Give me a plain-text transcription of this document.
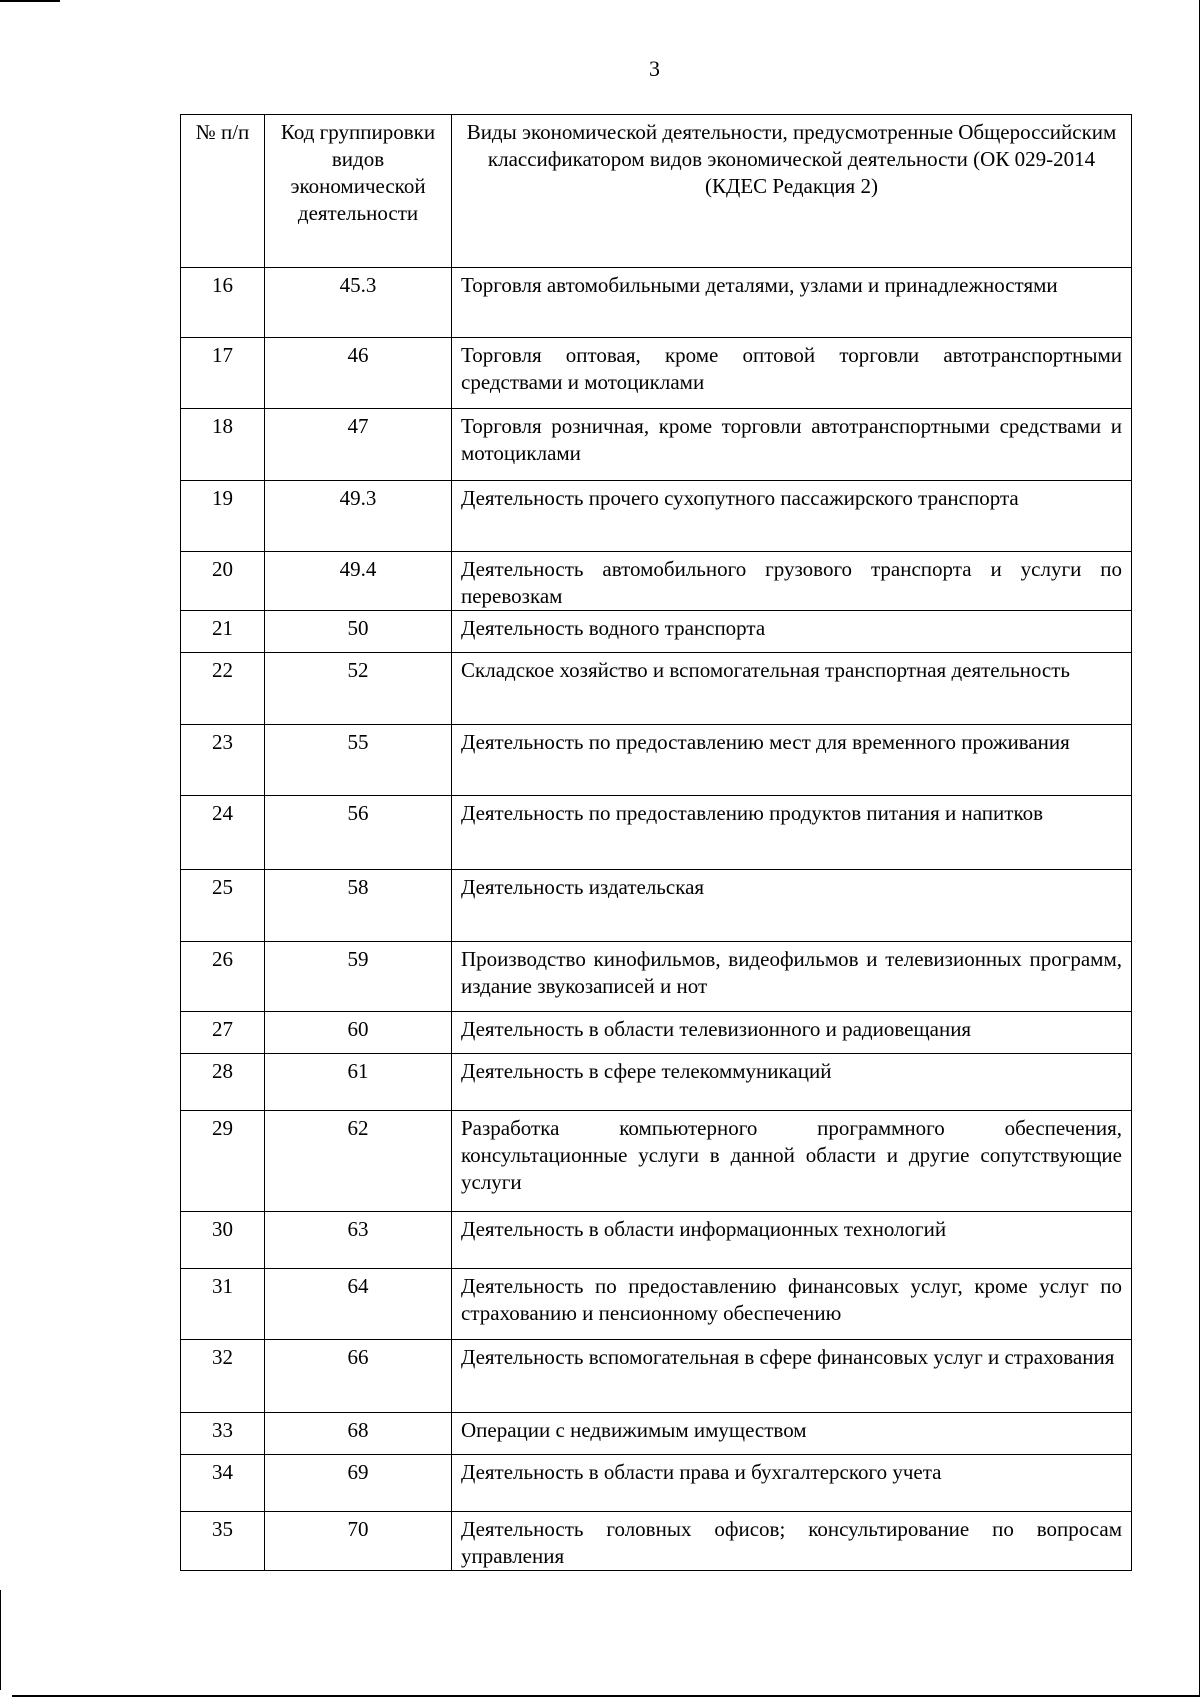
3
№ п/п	Код группировки видов экономической деятельности	Виды экономической деятельности, предусмотренные Общероссийским классификатором видов экономической деятельности (ОК 029-2014 (КДЕС Редакция 2)
16	45.3	Торговля автомобильными деталями, узлами и принадлежностями
17	46	Торговля оптовая, кроме оптовой торговли автотранспортными средствами и мотоциклами
18	47	Торговля розничная, кроме торговли автотранспортными средствами и мотоциклами
19	49.3	Деятельность прочего сухопутного пассажирского транспорта
20	49.4	Деятельность автомобильного грузового транспорта и услуги по перевозкам
21	50	Деятельность водного транспорта
22	52	Складское хозяйство и вспомогательная транспортная деятельность
23	55	Деятельность по предоставлению мест для временного проживания
24	56	Деятельность по предоставлению продуктов питания и напитков
25	58	Деятельность издательская
26	59	Производство кинофильмов, видеофильмов и телевизионных программ, издание звукозаписей и нот
27	60	Деятельность в области телевизионного и радиовещания
28	61	Деятельность в сфере телекоммуникаций
29	62	Разработка компьютерного программного обеспечения, консультационные услуги в данной области и другие сопутствующие услуги
30	63	Деятельность в области информационных технологий
31	64	Деятельность по предоставлению финансовых услуг, кроме услуг по страхованию и пенсионному обеспечению
32	66	Деятельность вспомогательная в сфере финансовых услуг и страхования
33	68	Операции с недвижимым имуществом
34	69	Деятельность в области права и бухгалтерского учета
35	70	Деятельность головных офисов; консультирование по вопросам управления
